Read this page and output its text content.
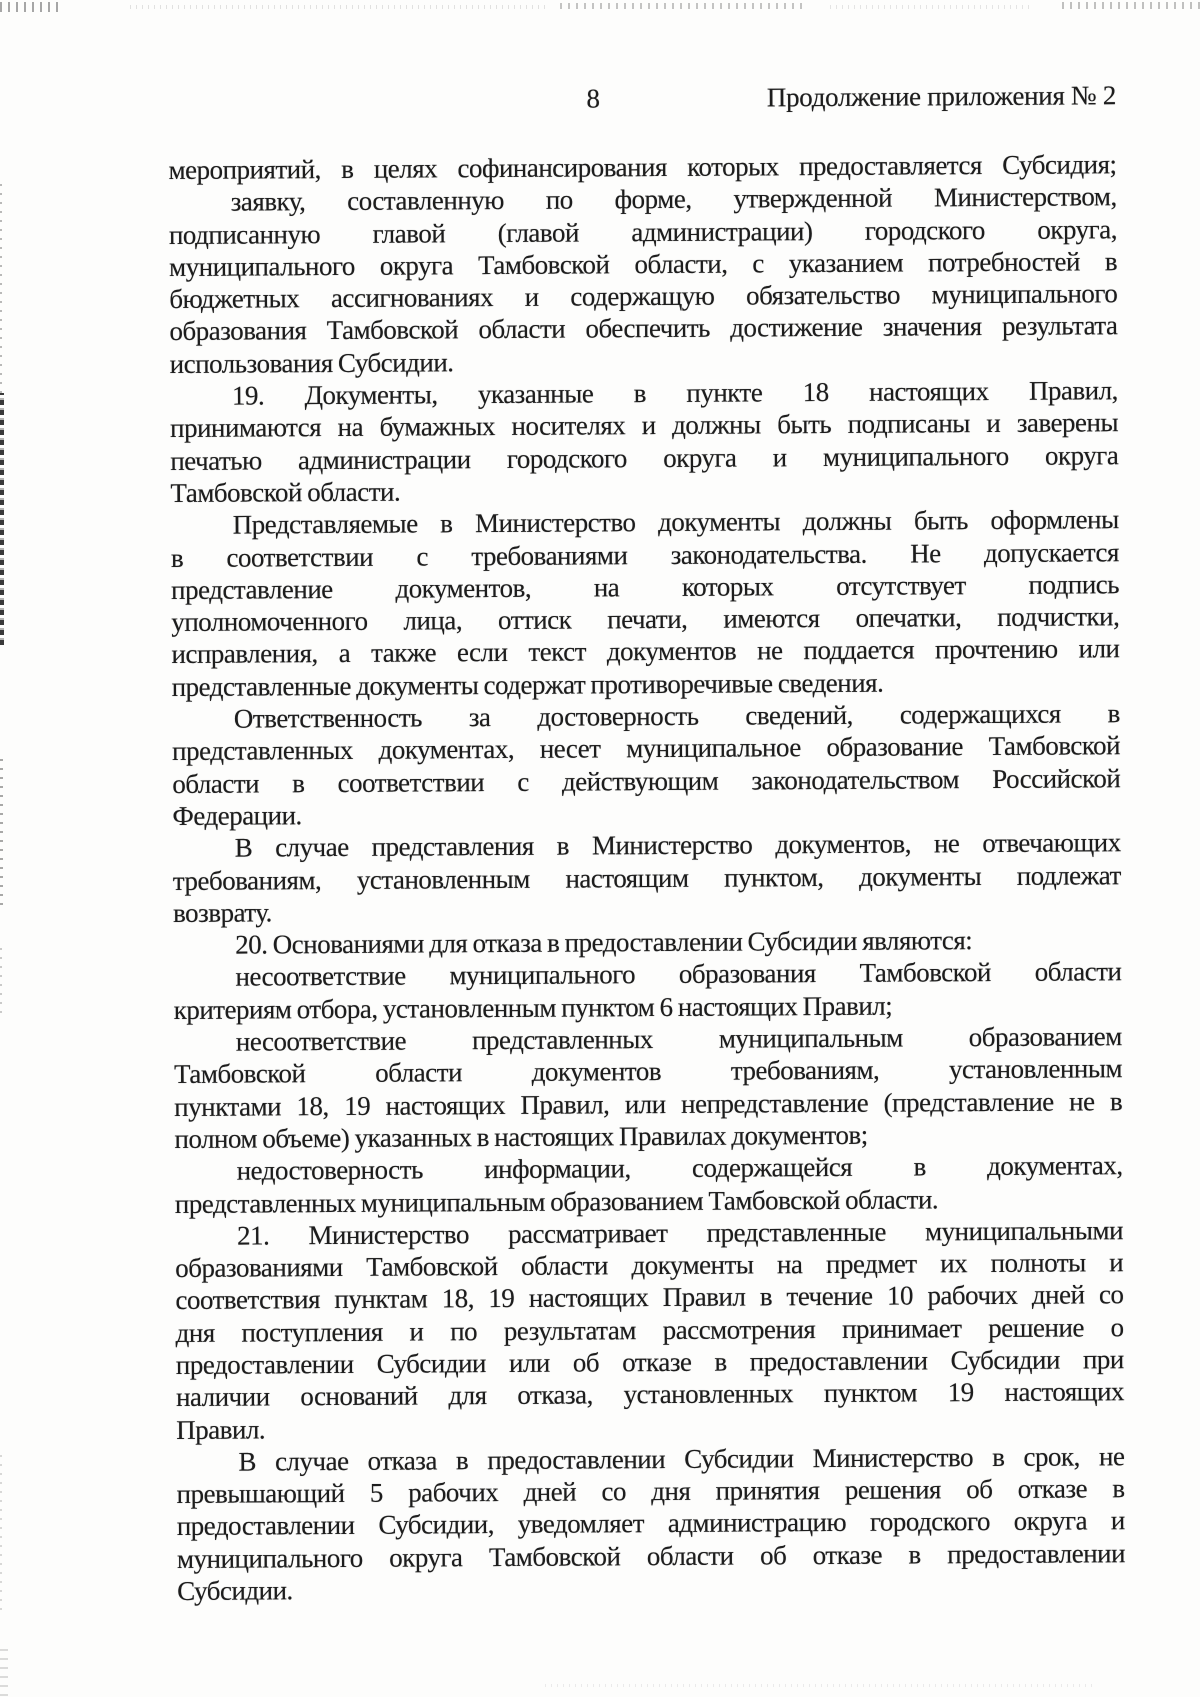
8	Продолжение приложения № 2
мероприятий, в целях софинансирования которых предоставляется Субсидия;
заявку, составленную по форме, утвержденной Министерством,
подписанную главой (главой администрации) городского округа,
муниципального округа Тамбовской области, с указанием потребностей в
бюджетных ассигнованиях и содержащую обязательство муниципального
образования Тамбовской области обеспечить достижение значения результата
использования Субсидии.
19. Документы, указанные в пункте 18 настоящих Правил,
принимаются на бумажных носителях и должны быть подписаны и заверены
печатью администрации городского округа и муниципального округа
Тамбовской области.
Представляемые в Министерство документы должны быть оформлены
в соответствии с требованиями законодательства. Не допускается
представление документов, на которых отсутствует подпись
уполномоченного лица, оттиск печати, имеются опечатки, подчистки,
исправления, а также если текст документов не поддается прочтению или
представленные документы содержат противоречивые сведения.
Ответственность за достоверность сведений, содержащихся в
представленных документах, несет муниципальное образование Тамбовской
области в соответствии с действующим законодательством Российской
Федерации.
В случае представления в Министерство документов, не отвечающих
требованиям, установленным настоящим пунктом, документы подлежат
возврату.
20. Основаниями для отказа в предоставлении Субсидии являются:
несоответствие муниципального образования Тамбовской области
критериям отбора, установленным пунктом 6 настоящих Правил;
несоответствие представленных муниципальным образованием
Тамбовской области документов требованиям, установленным
пунктами 18, 19 настоящих Правил, или непредставление (представление не в
полном объеме) указанных в настоящих Правилах документов;
недостоверность информации, содержащейся в документах,
представленных муниципальным образованием Тамбовской области.
21. Министерство рассматривает представленные муниципальными
образованиями Тамбовской области документы на предмет их полноты и
соответствия пунктам 18, 19 настоящих Правил в течение 10 рабочих дней со
дня поступления и по результатам рассмотрения принимает решение о
предоставлении Субсидии или об отказе в предоставлении Субсидии при
наличии оснований для отказа, установленных пунктом 19 настоящих
Правил.
В случае отказа в предоставлении Субсидии Министерство в срок, не
превышающий 5 рабочих дней со дня принятия решения об отказе в
предоставлении Субсидии, уведомляет администрацию городского округа и
муниципального округа Тамбовской области об отказе в предоставлении
Субсидии.
